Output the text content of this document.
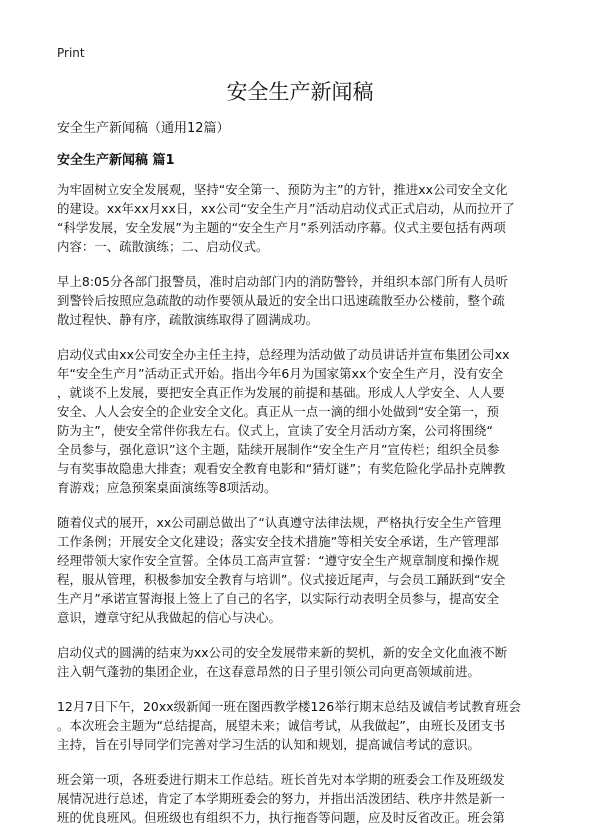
Print
安全生产新闻稿
安全生产新闻稿（通用12篇）
安全生产新闻稿 篇1
为牢固树立安全发展观，坚持“安全第一、预防为主”的方针，推进xx公司安全文化
的建设。xx年xx月xx日，xx公司“安全生产月”活动启动仪式正式启动，从而拉开了
“科学发展，安全发展”为主题的“安全生产月”系列活动序幕。仪式主要包括有两项
内容：一、疏散演练；二、启动仪式。
早上8:05分各部门报警员，准时启动部门内的消防警铃，并组织本部门所有人员听
到警铃后按照应急疏散的动作要领从最近的安全出口迅速疏散至办公楼前，整个疏
散过程快、静有序，疏散演练取得了圆满成功。
启动仪式由xx公司安全办主任主持，总经理为活动做了动员讲话并宣布集团公司xx
年“安全生产月”活动正式开始。指出今年6月为国家第xx个安全生产月，没有安全
，就谈不上发展，要把安全真正作为发展的前提和基础。形成人人学安全、人人要
安全、人人会安全的企业安全文化。真正从一点一滴的细小处做到“安全第一，预
防为主”，使安全常伴你我左右。仪式上，宣读了安全月活动方案，公司将围绕“
全员参与，强化意识”这个主题，陆续开展制作“安全生产月”宣传栏；组织全员参
与有奖事故隐患大排查；观看安全教育电影和“猜灯谜”；有奖危险化学品扑克牌教
育游戏；应急预案桌面演练等8项活动。
随着仪式的展开，xx公司副总做出了“认真遵守法律法规，严格执行安全生产管理
工作条例；开展安全文化建设；落实安全技术措施”等相关安全承诺，生产管理部
经理带领大家作安全宣誓。全体员工高声宣誓：“遵守安全生产规章制度和操作规
程，服从管理，积极参加安全教育与培训”。仪式接近尾声，与会员工踊跃到“安全
生产月”承诺宣誓海报上签上了自己的名字，以实际行动表明全员参与，提高安全
意识，遵章守纪从我做起的信心与决心。
启动仪式的圆满的结束为xx公司的安全发展带来新的契机，新的安全文化血液不断
注入朝气蓬勃的集团企业，在这春意昂然的日子里引领公司向更高领域前进。
12月7日下午，20xx级新闻一班在图西教学楼126举行期末总结及诚信考试教育班会
。本次班会主题为“总结提高，展望未来；诚信考试，从我做起”，由班长及团支书
主持，旨在引导同学们完善对学习生活的认知和规划，提高诚信考试的意识。
班会第一项，各班委进行期末工作总结。班长首先对本学期的班委会工作及班级发
展情况进行总述，肯定了本学期班委会的努力，并指出活泼团结、秩序井然是新一
班的优良班风。但班级也有组织不力，执行拖沓等问题，应及时反省改正。班会第
